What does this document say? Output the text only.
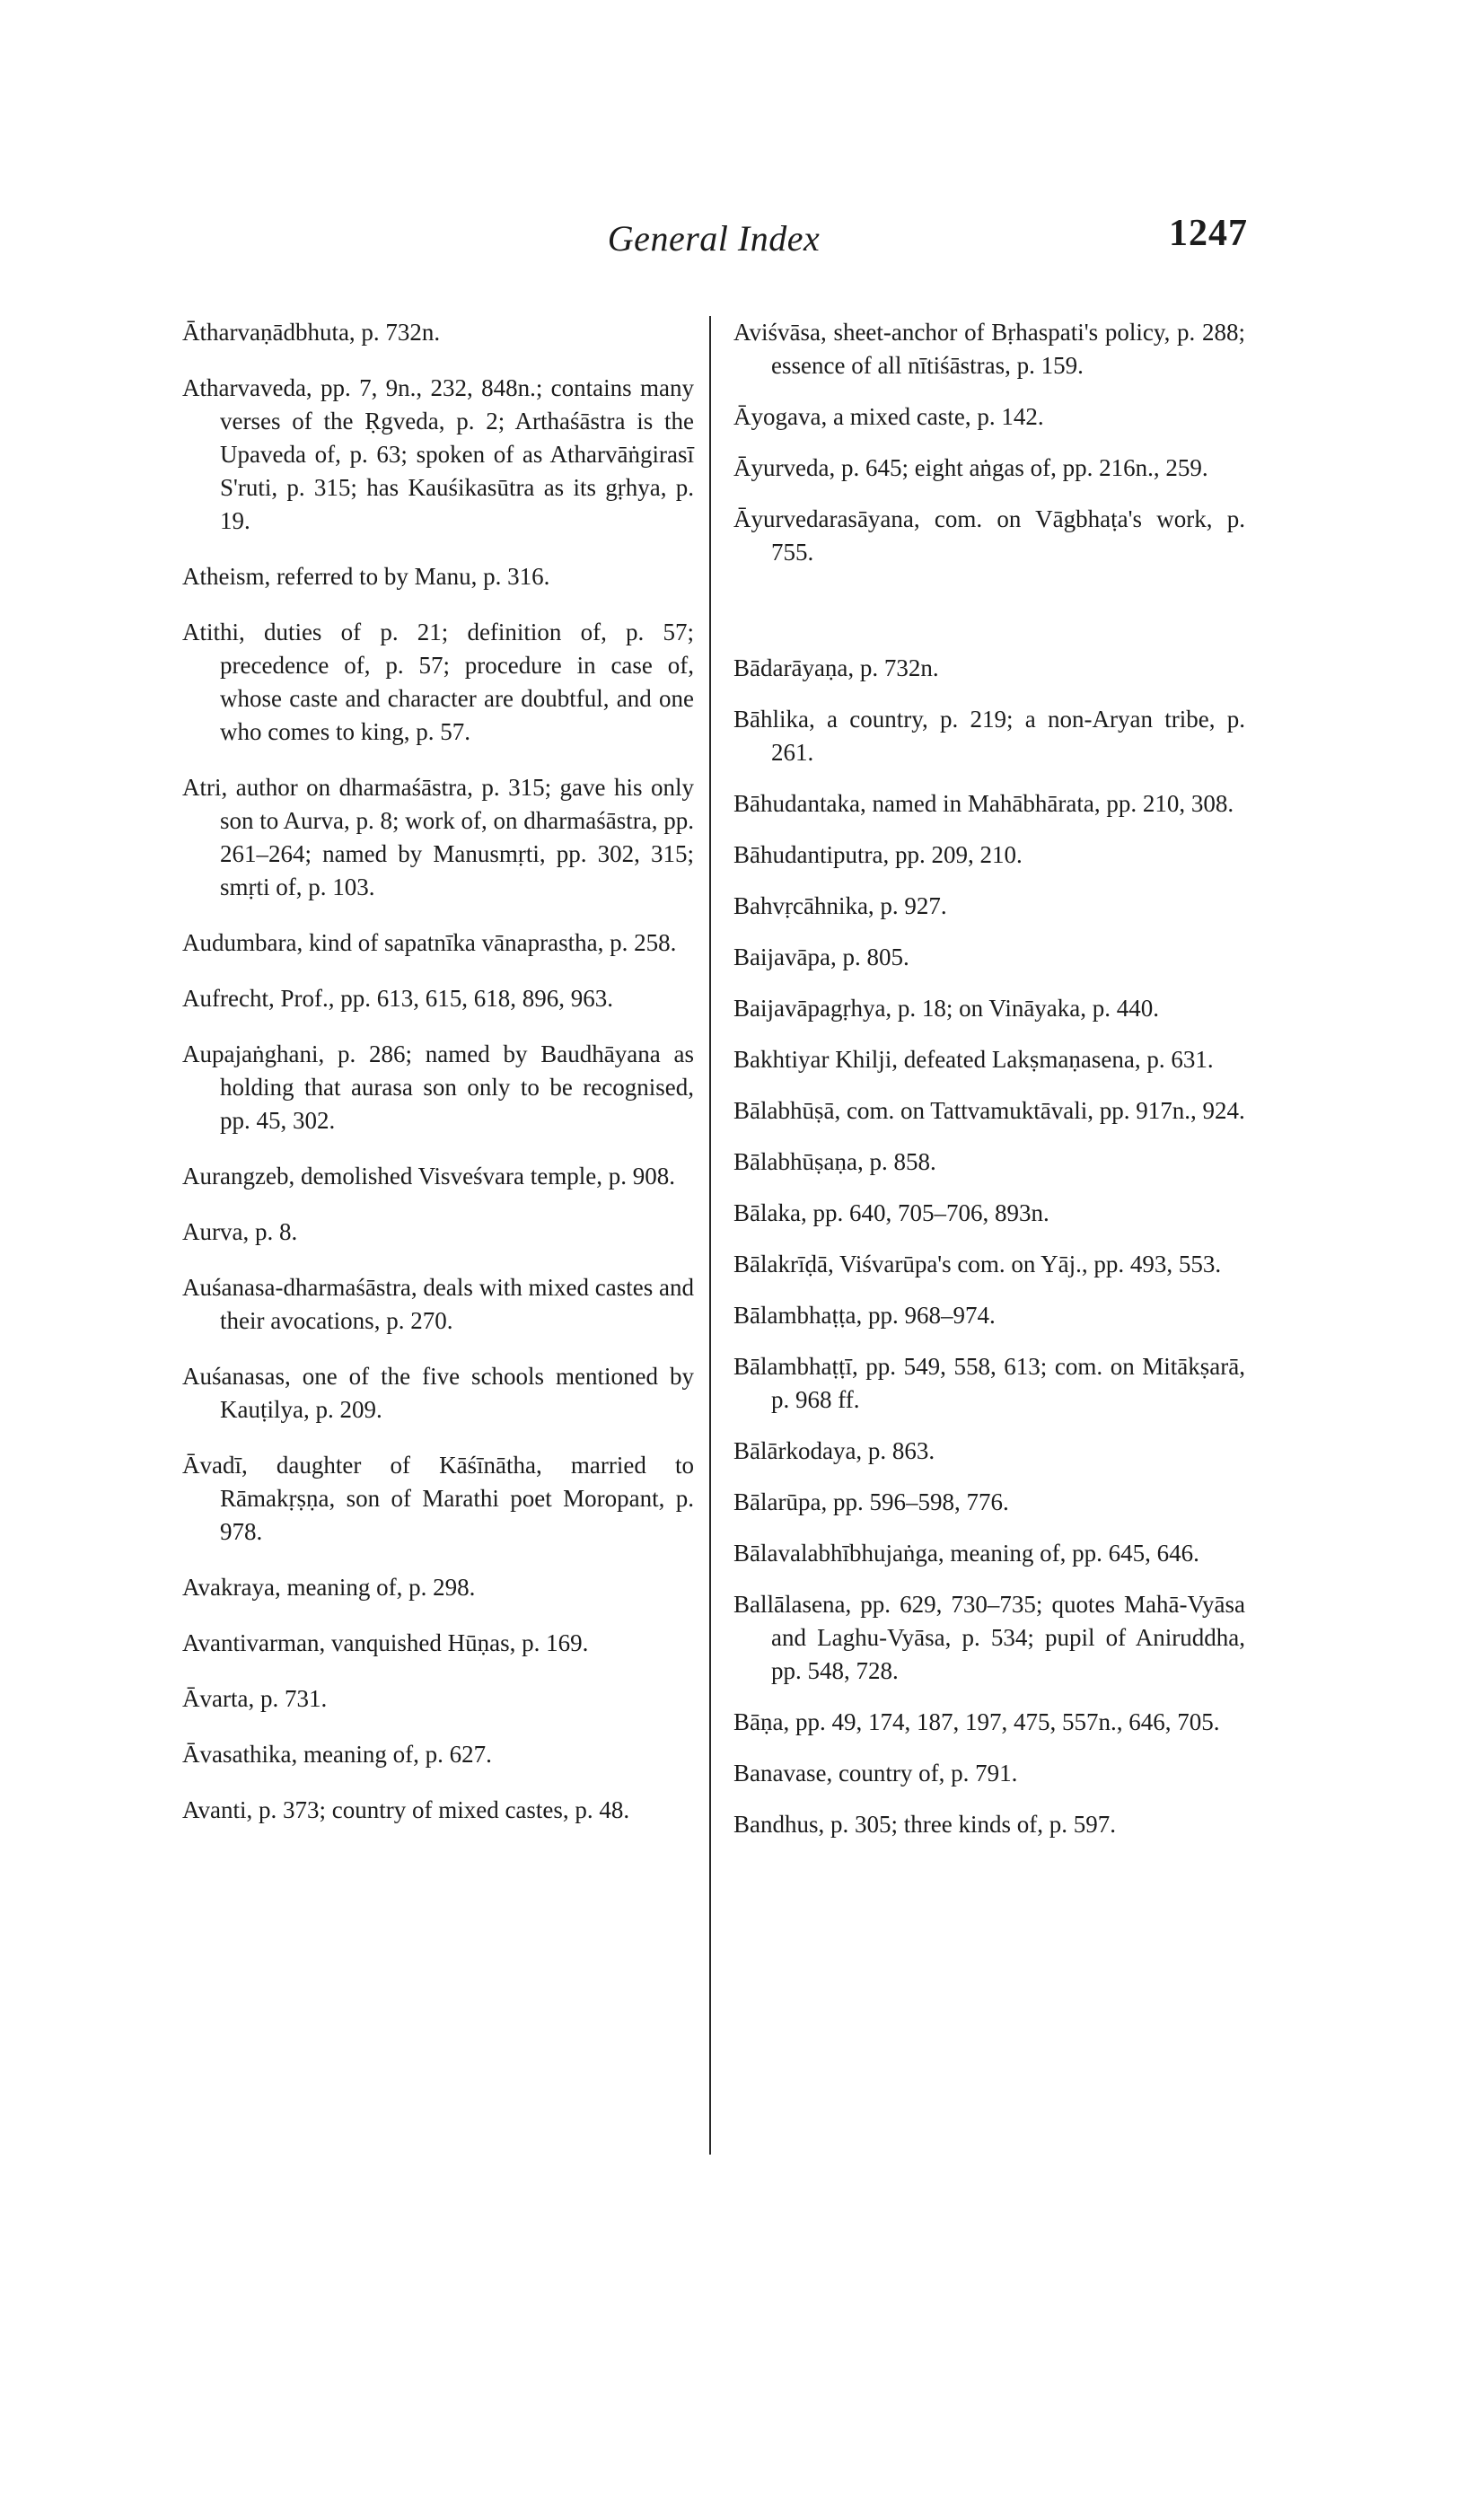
General Index	1247

Ātharvaṇādbhuta, p. 732n.

Atharvaveda, pp. 7, 9n., 232, 848n.; contains many verses of the Ṛgveda, p. 2; Arthaśāstra is the Upaveda of, p. 63; spoken of as Atharvāṅgirasī S'ruti, p. 315; has Kauśikasūtra as its gṛhya, p. 19.

Atheism, referred to by Manu, p. 316.

Atithi, duties of p. 21; definition of, p. 57; precedence of, p. 57; procedure in case of, whose caste and character are doubtful, and one who comes to king, p. 57.

Atri, author on dharmaśāstra, p. 315; gave his only son to Aurva, p. 8; work of, on dharmaśāstra, pp. 261–264; named by Manusmṛti, pp. 302, 315; smṛti of, p. 103.

Audumbara, kind of sapatnīka vānaprastha, p. 258.

Aufrecht, Prof., pp. 613, 615, 618, 896, 963.

Aupajaṅghani, p. 286; named by Baudhāyana as holding that aurasa son only to be recognised, pp. 45, 302.

Aurangzeb, demolished Visveśvara temple, p. 908.

Aurva, p. 8.

Auśanasa-dharmaśāstra, deals with mixed castes and their avocations, p. 270.

Auśanasas, one of the five schools mentioned by Kauṭilya, p. 209.

Āvadī, daughter of Kāśīnātha, married to Rāmakṛṣṇa, son of Marathi poet Moropant, p. 978.

Avakraya, meaning of, p. 298.

Avantivarman, vanquished Hūṇas, p. 169.

Āvarta, p. 731.

Āvasathika, meaning of, p. 627.

Avanti, p. 373; country of mixed castes, p. 48.

Aviśvāsa, sheet-anchor of Bṛhaspati's policy, p. 288; essence of all nītiśāstras, p. 159.

Āyogava, a mixed caste, p. 142.

Āyurveda, p. 645; eight aṅgas of, pp. 216n., 259.

Āyurvedarasāyana, com. on Vāgbhaṭa's work, p. 755.

Bādarāyaṇa, p. 732n.

Bāhlika, a country, p. 219; a non-Aryan tribe, p. 261.

Bāhudantaka, named in Mahābhārata, pp. 210, 308.

Bāhudantiputra, pp. 209, 210.

Bahvṛcāhnika, p. 927.

Baijavāpa, p. 805.

Baijavāpagṛhya, p. 18; on Vināyaka, p. 440.

Bakhtiyar Khilji, defeated Lakṣmaṇasena, p. 631.

Bālabhūṣā, com. on Tattvamuktāvali, pp. 917n., 924.

Bālabhūṣaṇa, p. 858.

Bālaka, pp. 640, 705–706, 893n.

Bālakrīḍā, Viśvarūpa's com. on Yāj., pp. 493, 553.

Bālambhaṭṭa, pp. 968–974.

Bālambhaṭṭī, pp. 549, 558, 613; com. on Mitākṣarā, p. 968 ff.

Bālārkodaya, p. 863.

Bālarūpa, pp. 596–598, 776.

Bālavalabhībhujaṅga, meaning of, pp. 645, 646.

Ballālasena, pp. 629, 730–735; quotes Mahā-Vyāsa and Laghu-Vyāsa, p. 534; pupil of Aniruddha, pp. 548, 728.

Bāṇa, pp. 49, 174, 187, 197, 475, 557n., 646, 705.

Banavase, country of, p. 791.

Bandhus, p. 305; three kinds of, p. 597.
